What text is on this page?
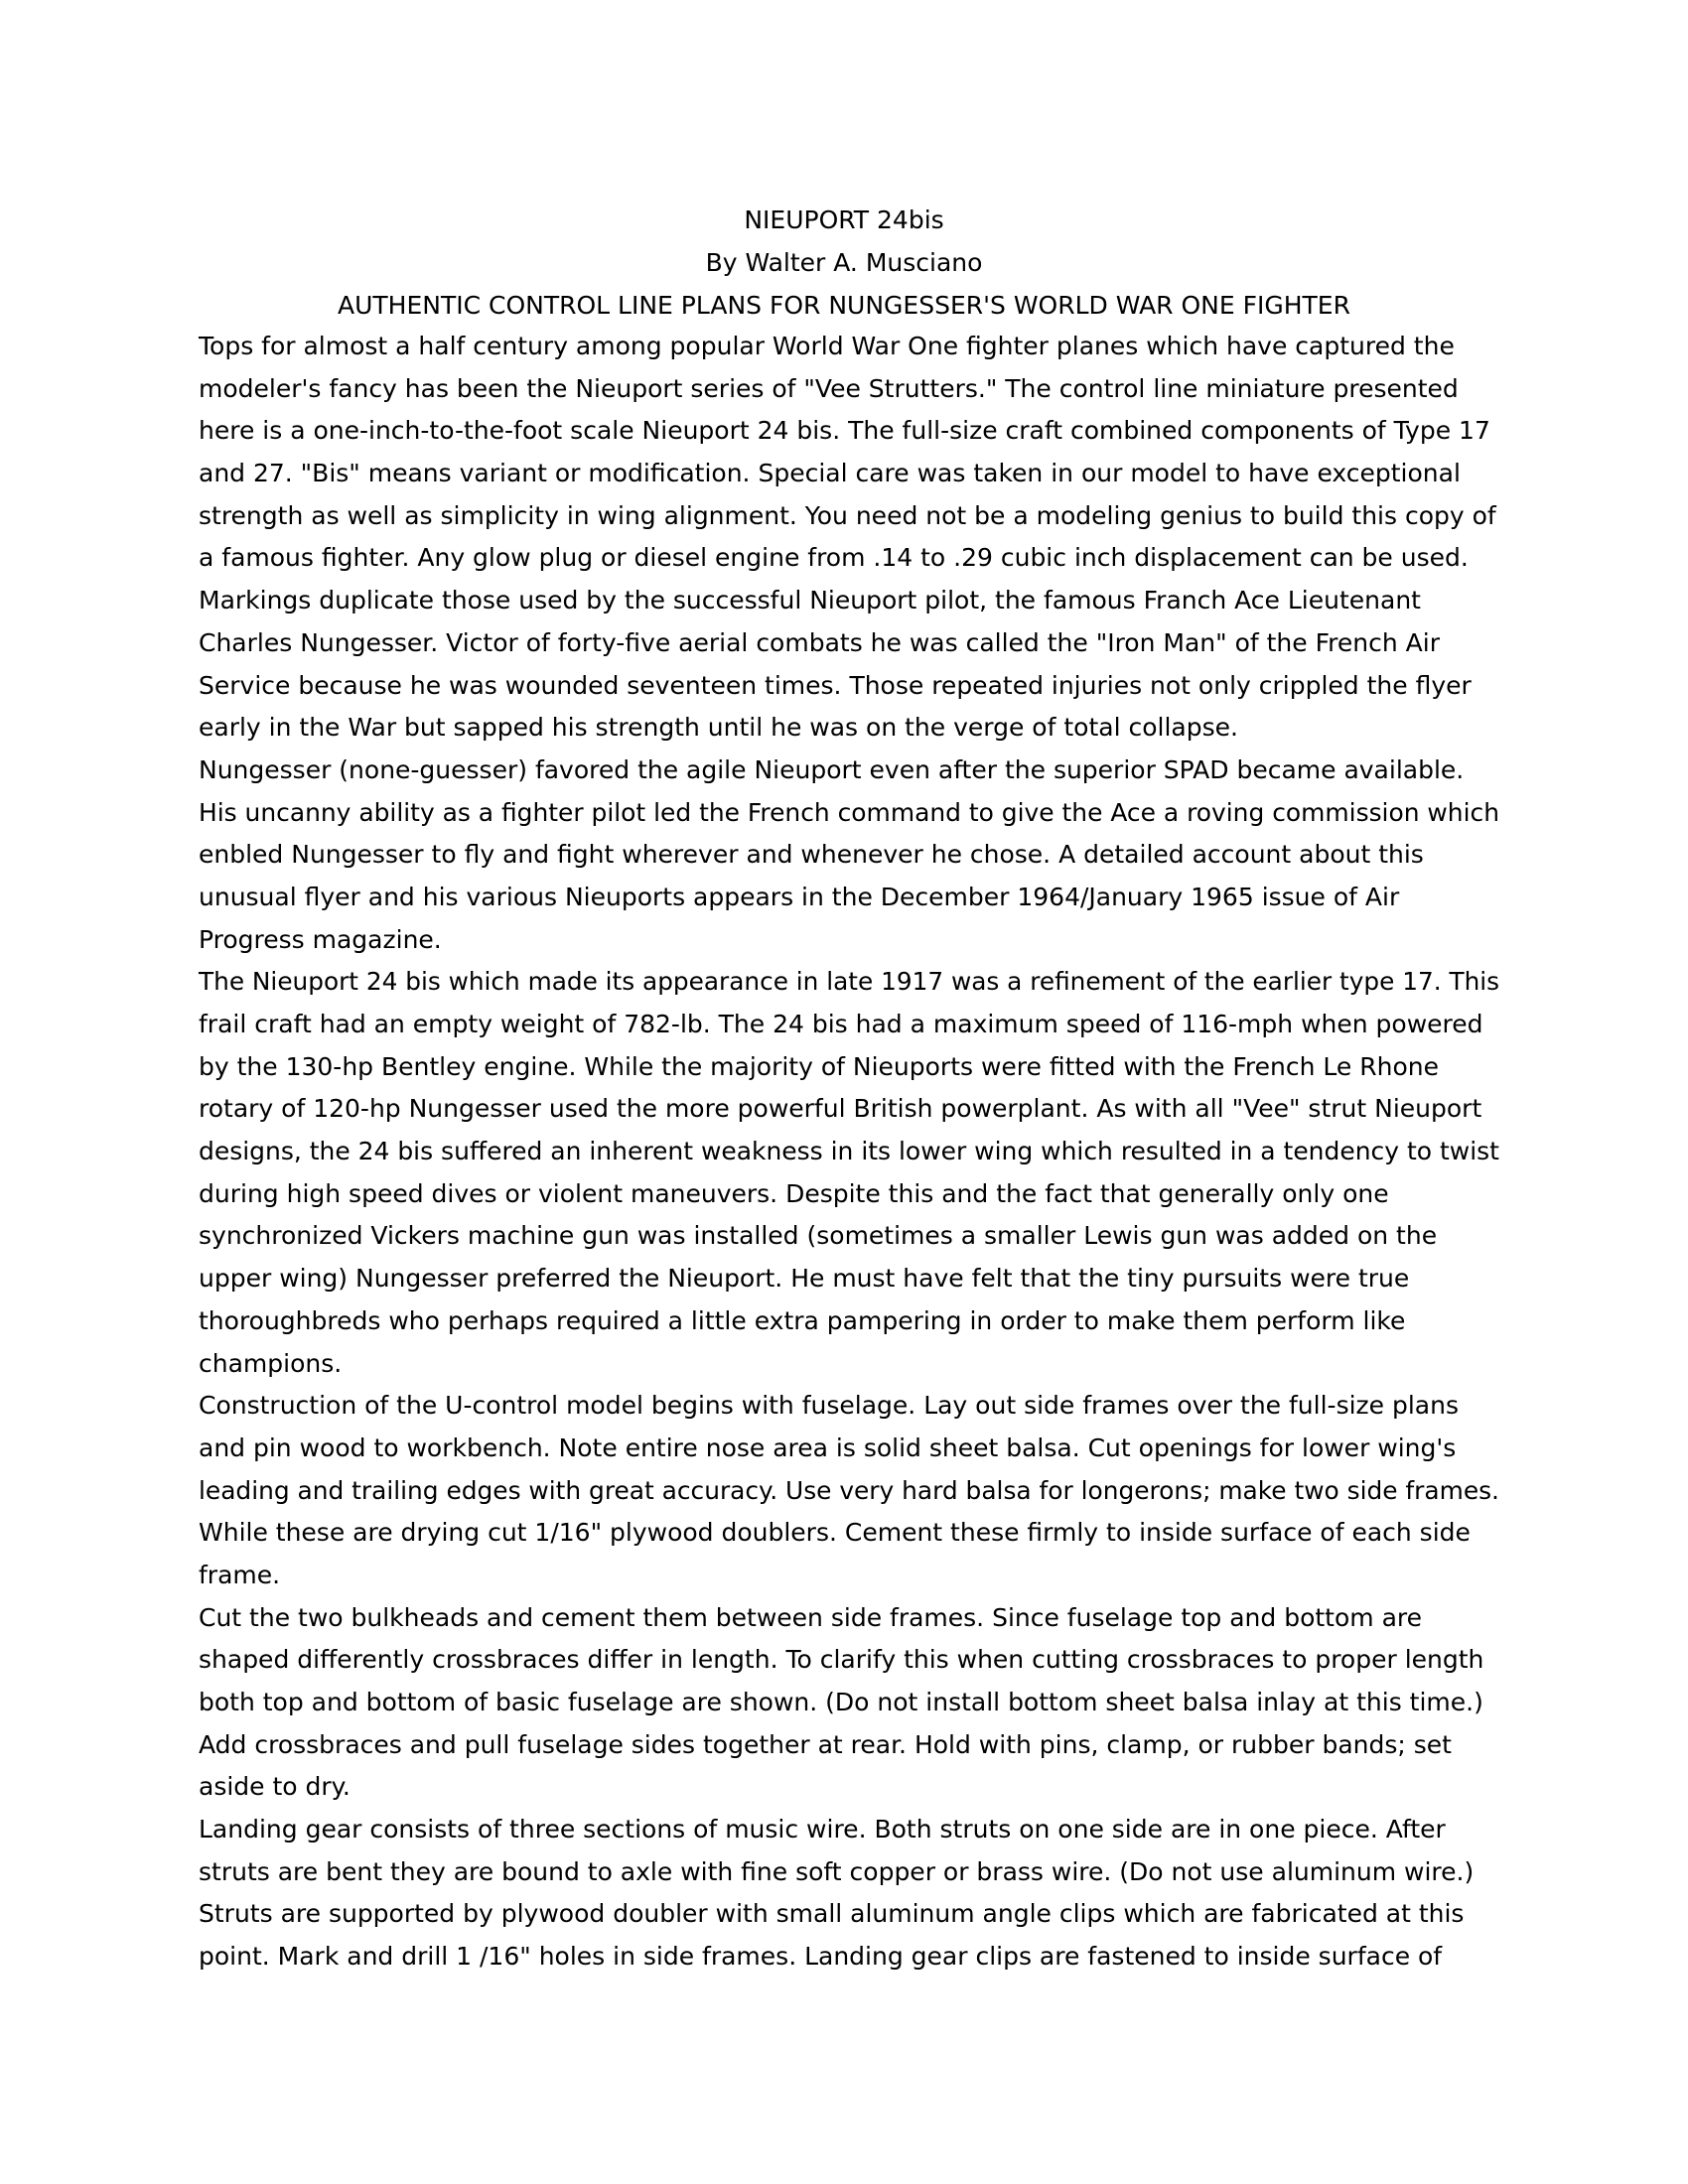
NIEUPORT 24bis
By Walter A. Musciano
AUTHENTIC CONTROL LINE PLANS FOR NUNGESSER'S WORLD WAR ONE FIGHTER
Tops for almost a half century among popular World War One fighter planes which have captured the
modeler's fancy has been the Nieuport series of "Vee Strutters." The control line miniature presented
here is a one-inch-to-the-foot scale Nieuport 24 bis. The full-size craft combined components of Type 17
and 27. "Bis" means variant or modification. Special care was taken in our model to have exceptional
strength as well as simplicity in wing alignment. You need not be a modeling genius to build this copy of
a famous fighter. Any glow plug or diesel engine from .14 to .29 cubic inch displacement can be used.
Markings duplicate those used by the successful Nieuport pilot, the famous Franch Ace Lieutenant
Charles Nungesser. Victor of forty-five aerial combats he was called the "Iron Man" of the French Air
Service because he was wounded seventeen times. Those repeated injuries not only crippled the flyer
early in the War but sapped his strength until he was on the verge of total collapse.
Nungesser (none-guesser) favored the agile Nieuport even after the superior SPAD became available.
His uncanny ability as a fighter pilot led the French command to give the Ace a roving commission which
enbled Nungesser to fly and fight wherever and whenever he chose. A detailed account about this
unusual flyer and his various Nieuports appears in the December 1964/January 1965 issue of Air
Progress magazine.
The Nieuport 24 bis which made its appearance in late 1917 was a refinement of the earlier type 17. This
frail craft had an empty weight of 782-lb. The 24 bis had a maximum speed of 116-mph when powered
by the 130-hp Bentley engine. While the majority of Nieuports were fitted with the French Le Rhone
rotary of 120-hp Nungesser used the more powerful British powerplant. As with all "Vee" strut Nieuport
designs, the 24 bis suffered an inherent weakness in its lower wing which resulted in a tendency to twist
during high speed dives or violent maneuvers. Despite this and the fact that generally only one
synchronized Vickers machine gun was installed (sometimes a smaller Lewis gun was added on the
upper wing) Nungesser preferred the Nieuport. He must have felt that the tiny pursuits were true
thoroughbreds who perhaps required a little extra pampering in order to make them perform like
champions.
Construction of the U-control model begins with fuselage. Lay out side frames over the full-size plans
and pin wood to workbench. Note entire nose area is solid sheet balsa. Cut openings for lower wing's
leading and trailing edges with great accuracy. Use very hard balsa for longerons; make two side frames.
While these are drying cut 1/16" plywood doublers. Cement these firmly to inside surface of each side
frame.
Cut the two bulkheads and cement them between side frames. Since fuselage top and bottom are
shaped differently crossbraces differ in length. To clarify this when cutting crossbraces to proper length
both top and bottom of basic fuselage are shown. (Do not install bottom sheet balsa inlay at this time.)
Add crossbraces and pull fuselage sides together at rear. Hold with pins, clamp, or rubber bands; set
aside to dry.
Landing gear consists of three sections of music wire. Both struts on one side are in one piece. After
struts are bent they are bound to axle with fine soft copper or brass wire. (Do not use aluminum wire.)
Struts are supported by plywood doubler with small aluminum angle clips which are fabricated at this
point. Mark and drill 1 /16" holes in side frames. Landing gear clips are fastened to inside surface of
